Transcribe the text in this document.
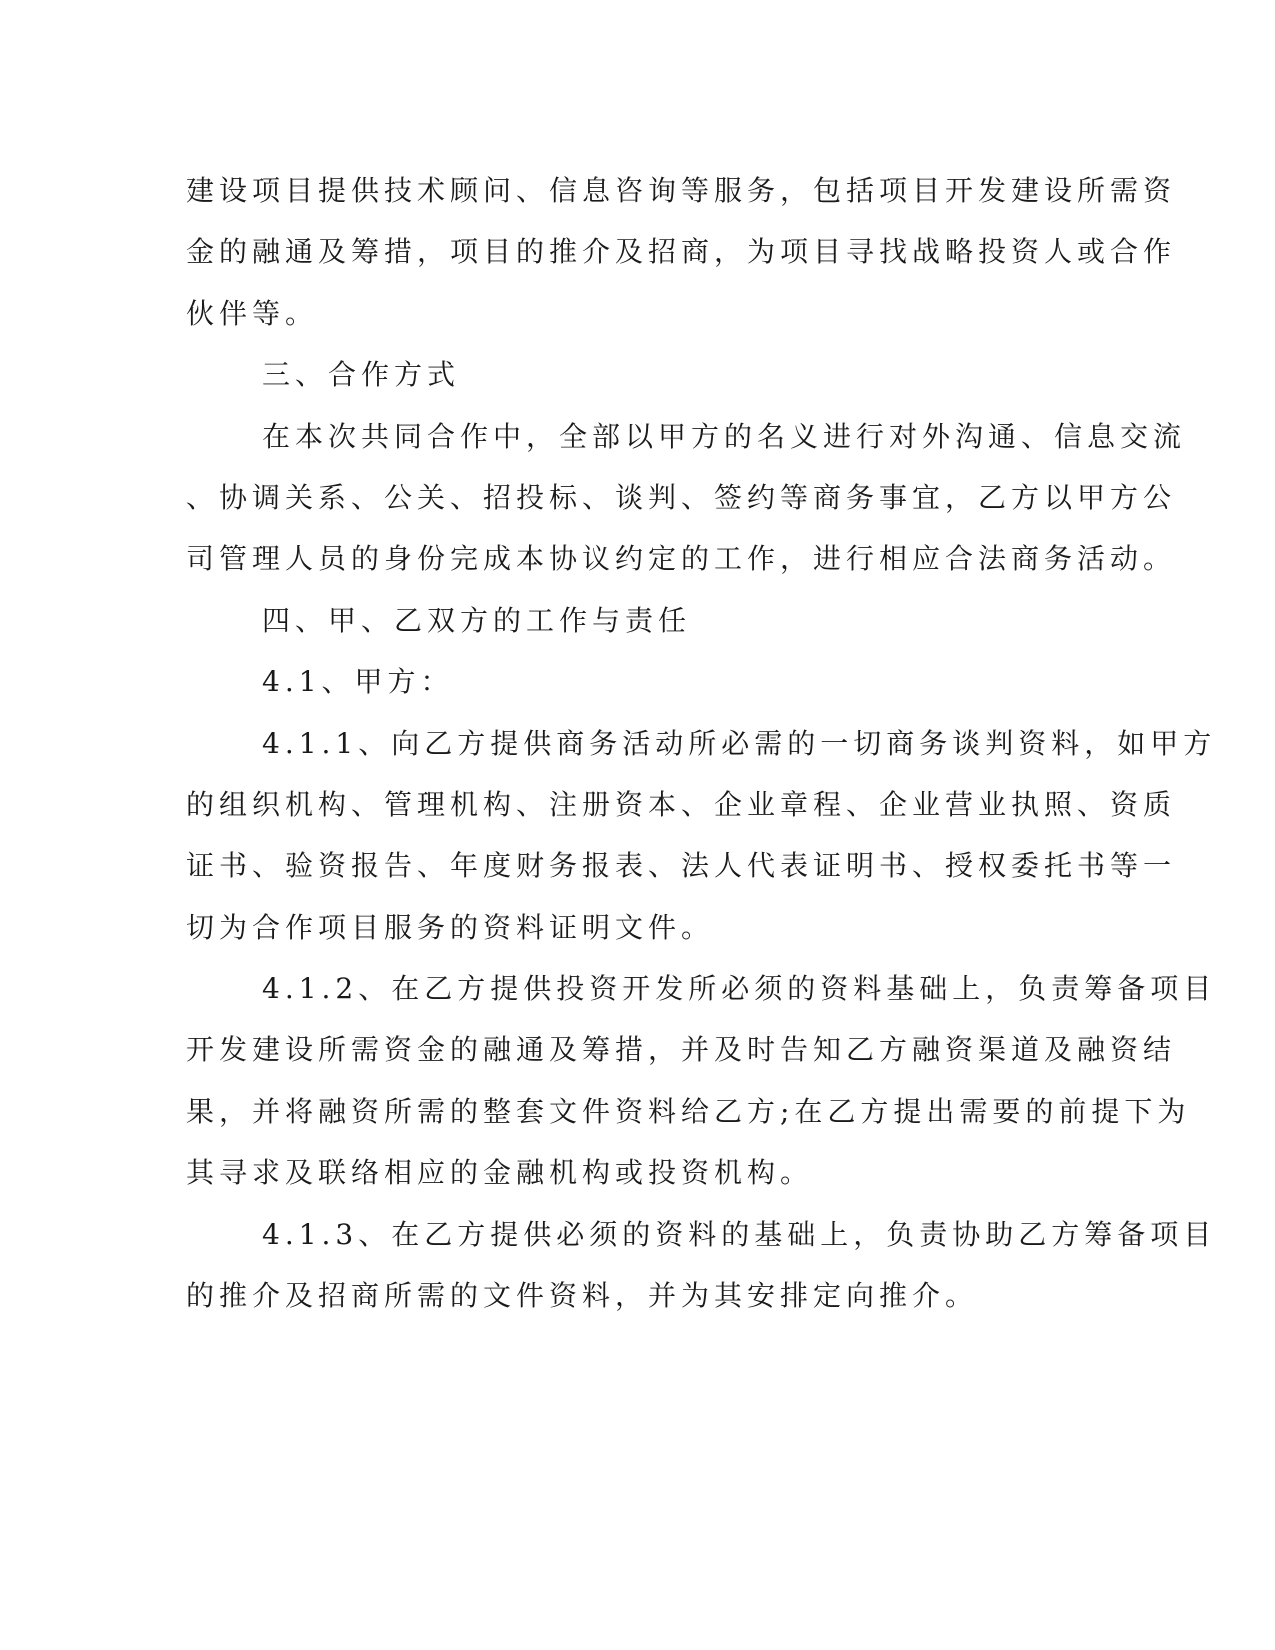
建设项目提供技术顾问、信息咨询等服务，包括项目开发建设所需资
金的融通及筹措，项目的推介及招商，为项目寻找战略投资人或合作
伙伴等。
三、合作方式
在本次共同合作中，全部以甲方的名义进行对外沟通、信息交流
、协调关系、公关、招投标、谈判、签约等商务事宜，乙方以甲方公
司管理人员的身份完成本协议约定的工作，进行相应合法商务活动。
四、甲、乙双方的工作与责任
4.1、甲方：
4.1.1、向乙方提供商务活动所必需的一切商务谈判资料，如甲方
的组织机构、管理机构、注册资本、企业章程、企业营业执照、资质
证书、验资报告、年度财务报表、法人代表证明书、授权委托书等一
切为合作项目服务的资料证明文件。
4.1.2、在乙方提供投资开发所必须的资料基础上，负责筹备项目
开发建设所需资金的融通及筹措，并及时告知乙方融资渠道及融资结
果，并将融资所需的整套文件资料给乙方;在乙方提出需要的前提下为
其寻求及联络相应的金融机构或投资机构。
4.1.3、在乙方提供必须的资料的基础上，负责协助乙方筹备项目
的推介及招商所需的文件资料，并为其安排定向推介。
